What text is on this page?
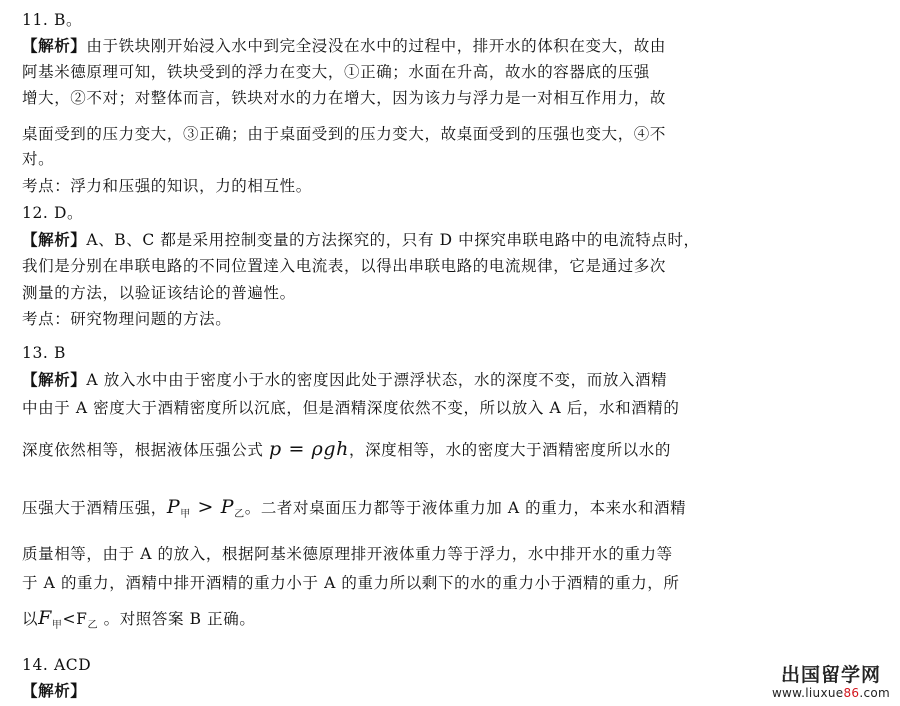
11. B。
【解析】由于铁块刚开始浸入水中到完全浸没在水中的过程中，排开水的体积在变大，故由
阿基米德原理可知，铁块受到的浮力在变大，①正确；水面在升高，故水的容器底的压强
增大，②不对；对整体而言，铁块对水的力在增大，因为该力与浮力是一对相互作用力，故
桌面受到的压力变大，③正确；由于桌面受到的压力变大，故桌面受到的压强也变大，④不
对。
考点：浮力和压强的知识，力的相互性。
12. D。
【解析】A、B、C 都是采用控制变量的方法探究的，只有 D 中探究串联电路中的电流特点时，
我们是分别在串联电路的不同位置逹入电流表，以得出串联电路的电流规律，它是通过多次
测量的方法，以验证该结论的普遍性。
考点：研究物理问题的方法。
13. B
【解析】A 放入水中由于密度小于水的密度因此处于漂浮状态，水的深度不变，而放入酒精
中由于 A 密度大于酒精密度所以沉底，但是酒精深度依然不变，所以放入 A 后，水和酒精的
深度依然相等，根据液体压强公式 p = ρgh，深度相等，水的密度大于酒精密度所以水的
压强大于酒精压强，$P_甲 > P_乙$。二者对桌面压力都等于液体重力加 A 的重力，本来水和酒精
质量相等，由于 A 的放入，根据阿基米德原理排开液体重力等于浮力，水中排开水的重力等
于 A 的重力，酒精中排开酒精的重力小于 A 的重力所以剩下的水的重力小于酒精的重力，所
以$F_甲<F_乙$ 。对照答案 B 正确。
14. ACD
【解析】
出国留学网
www.liuxue86.com
